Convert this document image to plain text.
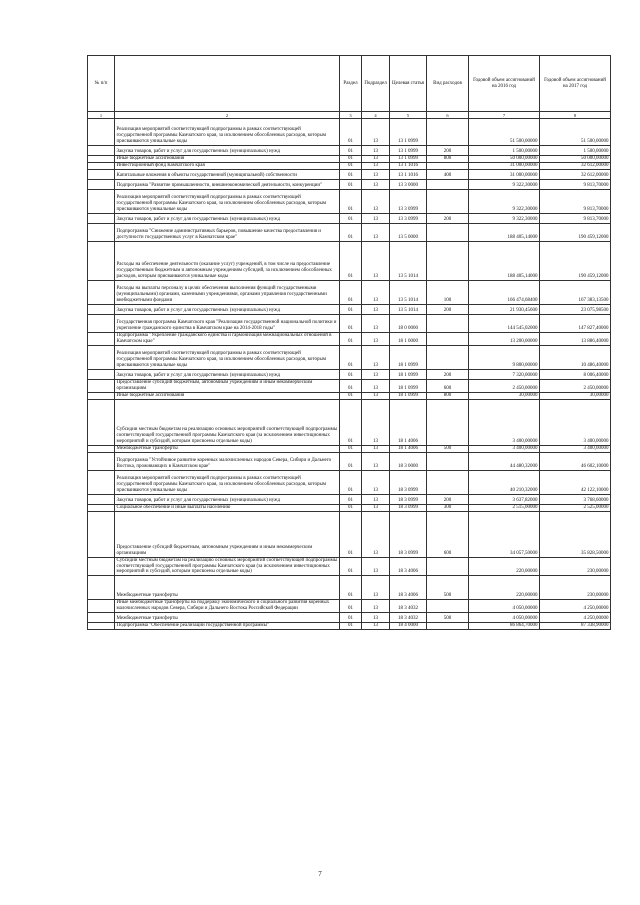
№ п/п		Раздел	Подраздел	Целевая статья	Вид расходов	Годовой объем ассигнований на 2016 год	Годовой объем ассигнований на 2017 год
1	2	3	4	5	6	7	8
	Реализация мероприятий соответствующей подпрограммы в рамках соответствующей государственной программы Камчатского края, за исключением обособленных расходов, которым присваиваются уникальные коды	01	13	13 1 0999		51 500,00000	51 500,00000
	Закупка товаров, работ и услуг для государственных (муниципальных) нужд	01	13	13 1 0999	200	1 500,00000	1 500,00000
	Иные бюджетные ассигнования	01	13	13 1 0999	800	50 000,00000	50 000,00000
	Инвестиционный фонд Камчатского края	01	13	13 1 1016		31 000,00000	32 612,00000
	Капитальные вложения в объекты государственной (муниципальной) собственности	01	13	13 1 1016	400	31 000,00000	32 612,00000
	Подпрограмма "Развитие промышленности, внешнеэкономической деятельности, конкуренции"	01	13	13 3 0000		9 322,30000	9 813,70000
	Реализация мероприятий соответствующей подпрограммы в рамках соответствующей государственной программы Камчатского края, за исключением обособленных расходов, которым присваиваются уникальные коды	01	13	13 3 0999		9 322,30000	9 813,70000
	Закупка товаров, работ и услуг для государственных (муниципальных) нужд	01	13	13 3 0999	200	9 322,30000	9 813,70000
	Подпрограмма "Снижение административных барьеров, повышение качества предоставления и доступности государственных услуг в Камчатском крае"	01	13	13 5 0000		188 405,14000	190 459,12000
	Расходы на обеспечение деятельности (оказание услуг) учреждений, в том числе на предоставление государственным бюджетным и автономным учреждениям субсидий, за исключением обособленных расходов, которым присваиваются уникальные коды	01	13	13 5 1014		188 405,14000	190 459,12000
	Расходы на выплаты персоналу в целях обеспечения выполнения функций государственными (муниципальными) органами, казенными учреждениями, органами управления государственными внебюджетными фондами	01	13	13 5 1014	100	166 474,68400	167 383,13500
	Закупка товаров, работ и услуг для государственных (муниципальных) нужд	01	13	13 5 1014	200	21 930,45600	23 075,98500
	Государственная программа Камчатского края "Реализация государственной национальной политики и укрепление гражданского единства в Камчатском крае на 2014-2018 годы"	01	13	18 0 0000		144 545,02000	147 827,40000
	Подпрограмма "Укрепление гражданского единства и гармонизация межнациональных отношений в Камчатском крае"	01	13	18 1 0000		13 200,00000	13 886,40000
	Реализация мероприятий соответствующей подпрограммы в рамках соответствующей государственной программы Камчатского края, за исключением обособленных расходов, которым присваиваются уникальные коды	01	13	18 1 0999		9 800,00000	10 486,40000
	Закупка товаров, работ и услуг для государственных (муниципальных) нужд	01	13	18 1 0999	200	7 320,00000	8 006,40000
	Предоставление субсидий бюджетным, автономным учреждениям и иным некоммерческим организациям	01	13	18 1 0999	600	2 450,00000	2 450,00000
	Иные бюджетные ассигнования	01	13	18 1 0999	800	30,00000	30,00000
	Субсидии местным бюджетам на реализацию основных мероприятий соответствующей подпрограммы соответствующей государственной программы Камчатского края (за исключением инвестиционных мероприятий и субсидий, которым присвоены отдельные коды)	01	13	18 1 4006		3 400,00000	3 400,00000
	Межбюджетные трансферты	01	13	18 1 4006	500	3 400,00000	3 400,00000
	Подпрограмма "Устойчивое развитие коренных малочисленных народов Севера, Сибири и Дальнего Востока, проживающих в Камчатском крае"	01	13	18 3 0000		44 480,32000	46 602,10000
	Реализация мероприятий соответствующей подпрограммы в рамках соответствующей государственной программы Камчатского края, за исключением обособленных расходов, которым присваиваются уникальные коды	01	13	18 3 0999		40 210,32000	42 122,10000
	Закупка товаров, работ и услуг для государственных (муниципальных) нужд	01	13	18 3 0999	200	3 637,82000	3 768,60000
	Социальное обеспечение и иные выплаты населению	01	13	18 3 0999	300	2 515,00000	2 525,00000
	Предоставление субсидий бюджетным, автономным учреждениям и иным некоммерческим организациям	01	13	18 3 0999	600	34 057,50000	35 828,50000
	Субсидии местным бюджетам на реализацию основных мероприятий соответствующей подпрограммы соответствующей государственной программы Камчатского края (за исключением инвестиционных мероприятий и субсидий, которым присвоены отдельные коды)	01	13	18 3 4006		220,00000	230,00000
	Межбюджетные трансферты	01	13	18 3 4006	500	220,00000	230,00000
	Иные межбюджетные трансферты на поддержку экономического и социального развития коренных малочисленных народов Севера, Сибири и Дальнего Востока Российской Федерации	01	13	18 3 4032		4 050,00000	4 250,00000
	Межбюджетные трансферты	01	13	18 3 4032	500	4 050,00000	4 250,00000
	Подпрограмма "Обеспечение реализации государственной программы"	01	13	18 4 0000		86 864,70000	87 338,90000
7
